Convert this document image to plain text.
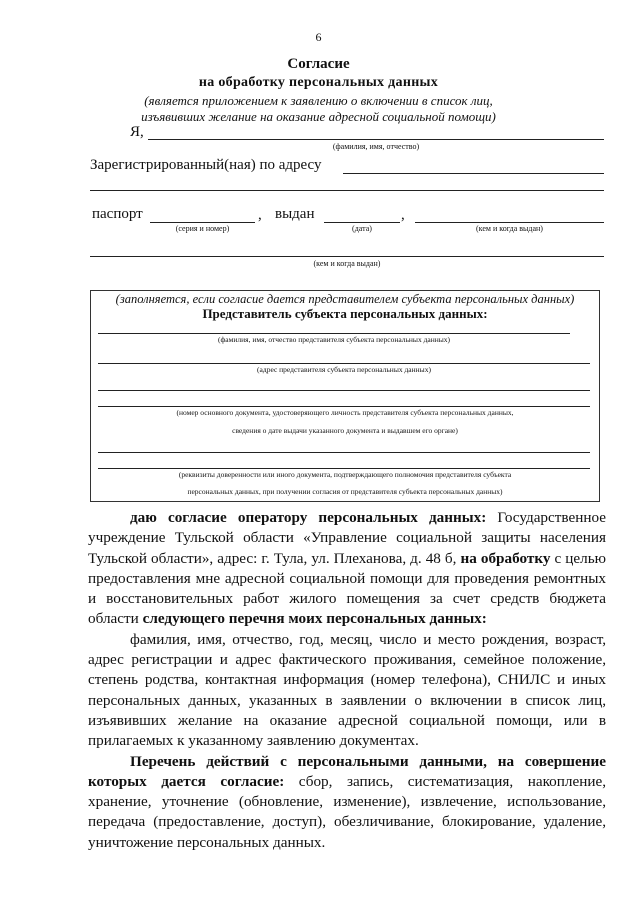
6
Согласие
на обработку персональных данных
(является приложением к заявлению о включении в список лиц,
изъявивших желание на оказание адресной социальной помощи)
Я,
(фамилия, имя, отчество)
Зарегистрированный(ная) по адресу
паспорт	, выдан	,
(серия и номер)	(дата)	(кем и когда выдан)
(кем и когда выдан)
(заполняется, если согласие дается представителем субъекта персональных данных)
Представитель субъекта персональных данных:
(фамилия, имя, отчество представителя субъекта персональных данных)
(адрес представителя субъекта персональных данных)
(номер основного документа, удостоверяющего личность представителя субъекта персональных данных,
сведения о дате выдачи указанного документа и выдавшем его органе)
(реквизиты доверенности или иного документа, подтверждающего полномочия представителя субъекта
персональных данных, при получении согласия от представителя субъекта персональных данных)

даю согласие оператору персональных данных: Государственное учреждение Тульской области «Управление социальной защиты населения Тульской области», адрес: г. Тула, ул. Плеханова, д. 48 б, на обработку с целью предоставления мне адресной социальной помощи для проведения ремонтных и восстановительных работ жилого помещения за счет средств бюджета области следующего перечня моих персональных данных:

фамилия, имя, отчество, год, месяц, число и место рождения, возраст, адрес регистрации и адрес фактического проживания, семейное положение, степень родства, контактная информация (номер телефона), СНИЛС и иных персональных данных, указанных в заявлении о включении в список лиц, изъявивших желание на оказание адресной социальной помощи, или в прилагаемых к указанному заявлению документах.

Перечень действий с персональными данными, на совершение которых дается согласие: сбор, запись, систематизация, накопление, хранение, уточнение (обновление, изменение), извлечение, использование, передача (предоставление, доступ), обезличивание, блокирование, удаление, уничтожение персональных данных.
